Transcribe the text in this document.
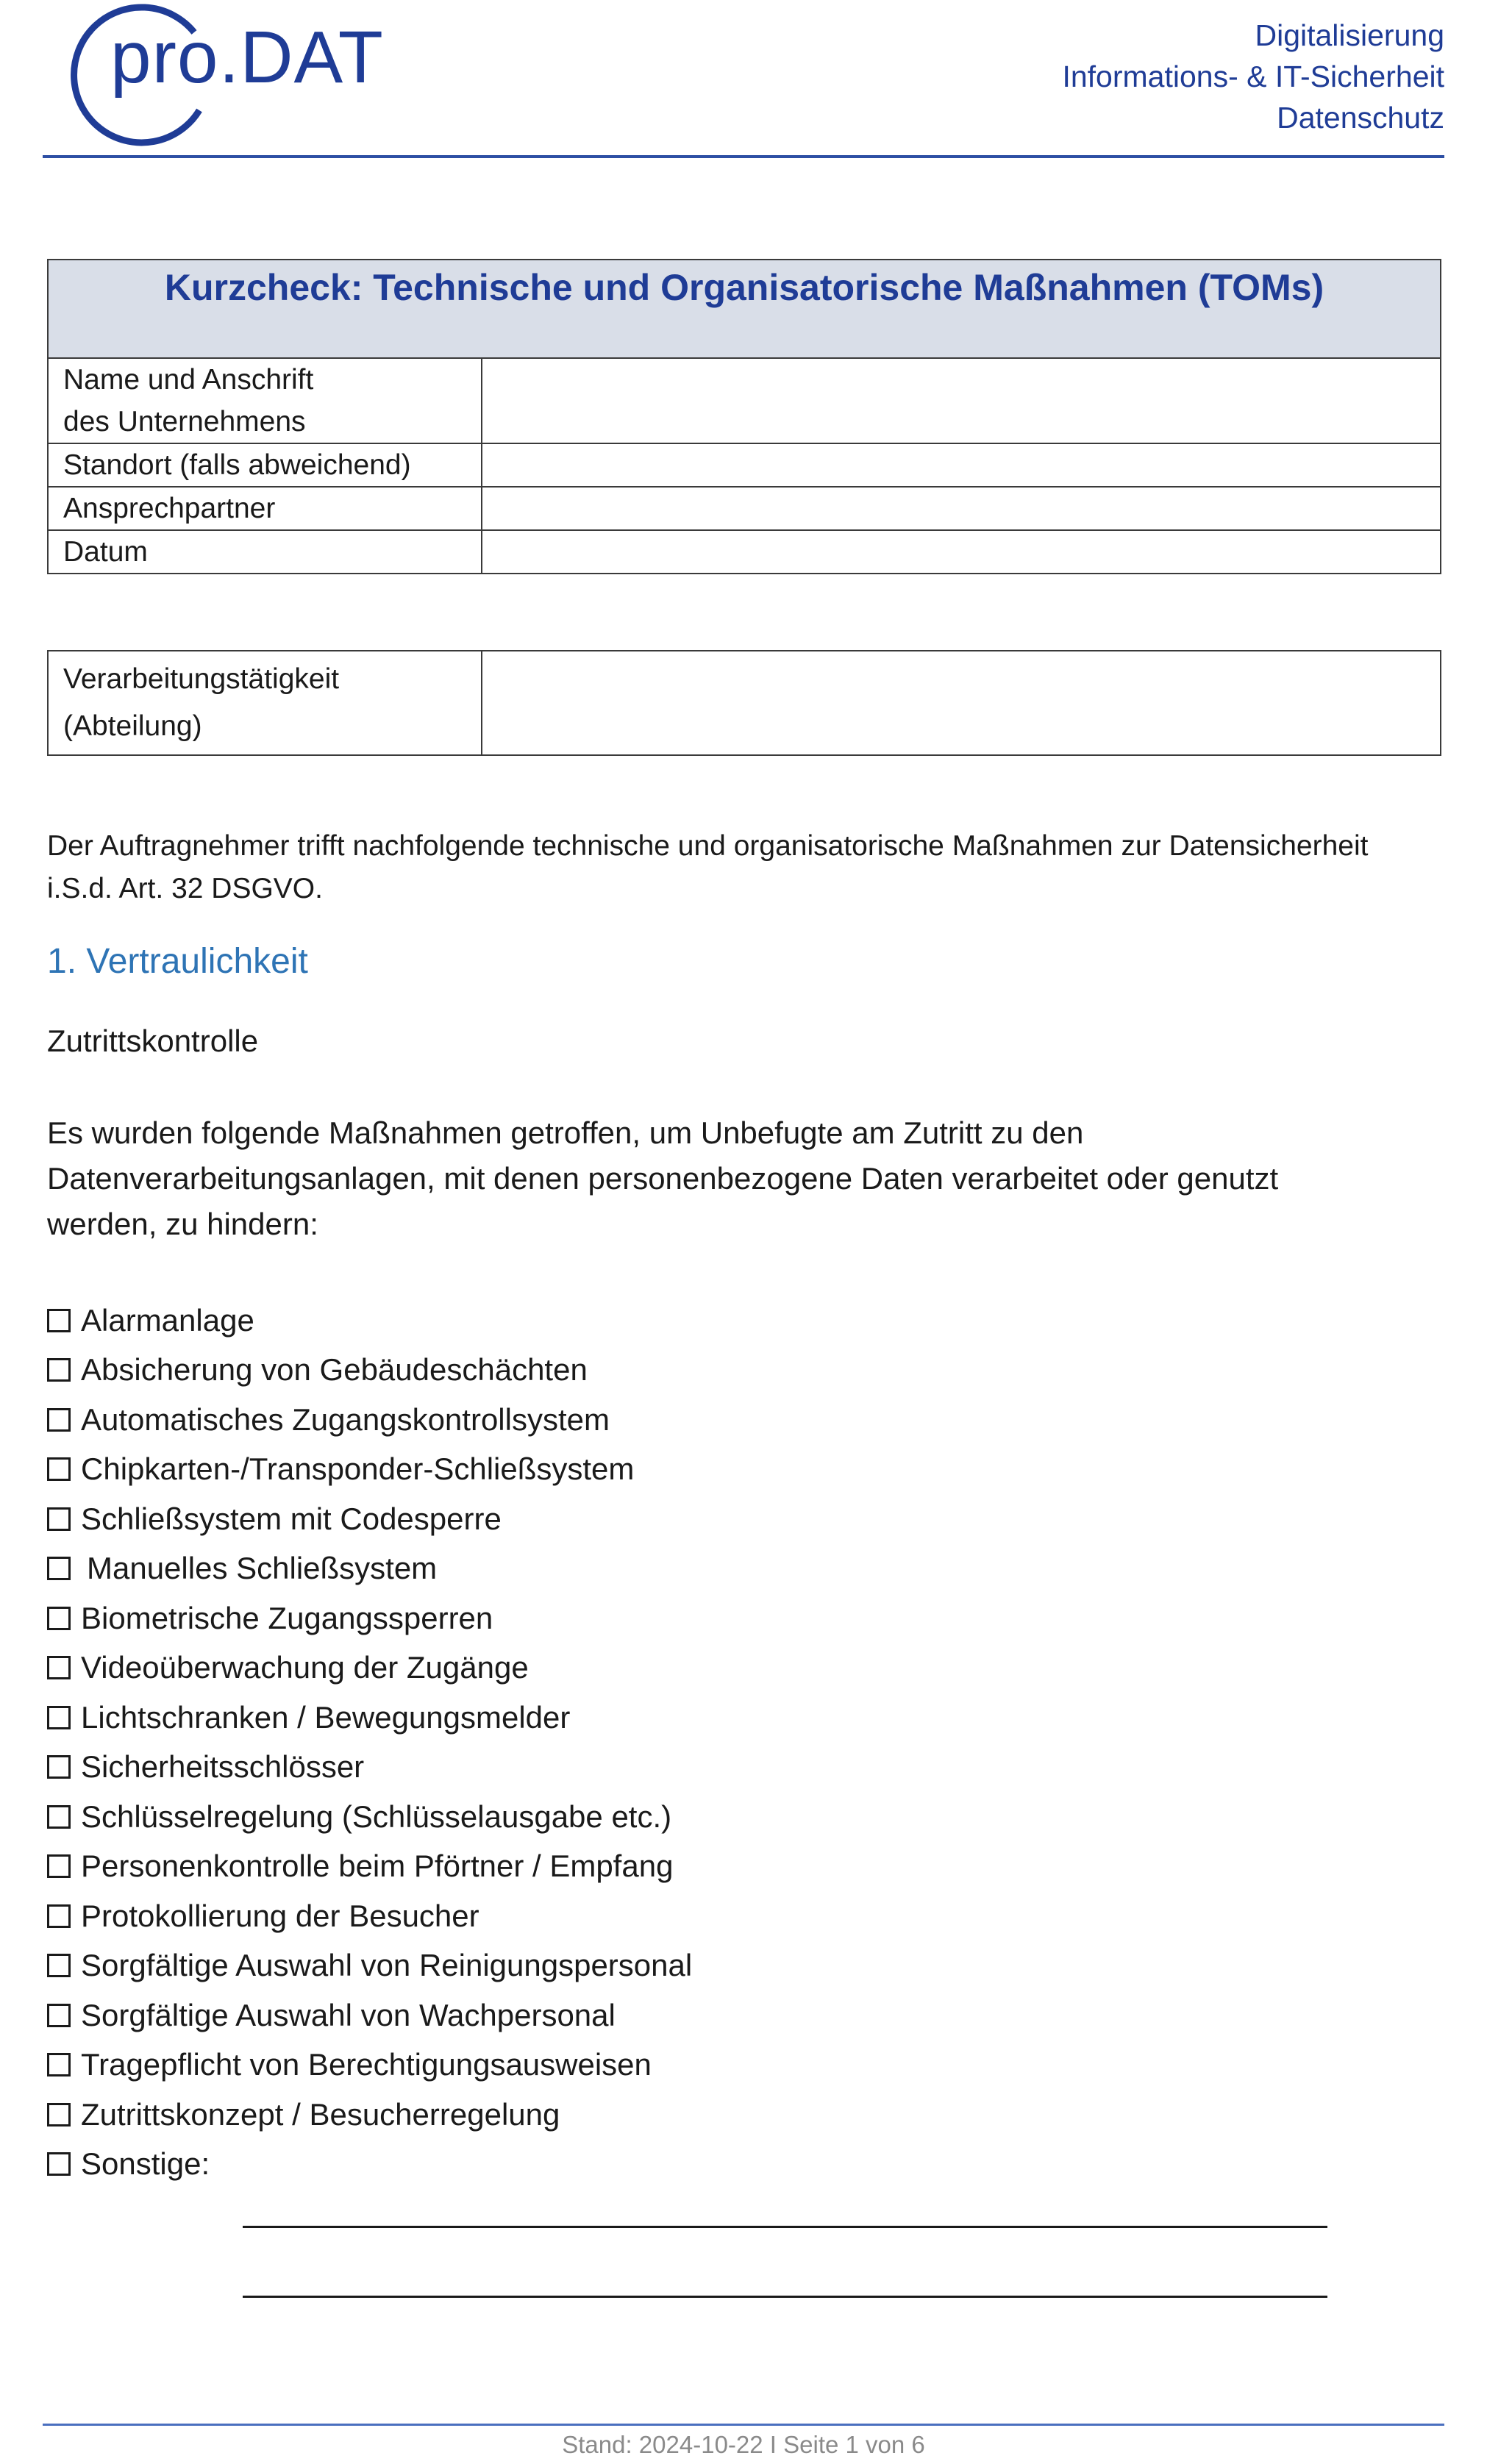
pro.DAT	Digitalisierung
Informations- & IT-Sicherheit
Datenschutz
Kurzcheck: Technische und Organisatorische Maßnahmen (TOMs)	

Name und Anschrift
des Unternehmens	

Standort (falls abweichend)	
Ansprechpartner	
Datum	
Verarbeitungstätigkeit
(Abteilung)

Der Auftragnehmer trifft nachfolgende technische und organisatorische Maßnahmen zur Datensicherheit i.S.d. Art. 32 DSGVO.
1. Vertraulichkeit
Zutrittskontrolle
Es wurden folgende Maßnahmen getroffen, um Unbefugte am Zutritt zu den Datenverarbeitungsanlagen, mit denen personenbezogene Daten verarbeitet oder genutzt werden, zu hindern:
Alarmanlage
Absicherung von Gebäudeschächten
Automatisches Zugangskontrollsystem
Chipkarten-/Transponder-Schließsystem
Schließsystem mit Codesperre
Manuelles Schließsystem
Biometrische Zugangssperren
Videoüberwachung der Zugänge
Lichtschranken / Bewegungsmelder
Sicherheitsschlösser
Schlüsselregelung (Schlüsselausgabe etc.)
Personenkontrolle beim Pförtner / Empfang
Protokollierung der Besucher
Sorgfältige Auswahl von Reinigungspersonal
Sorgfältige Auswahl von Wachpersonal
Tragepflicht von Berechtigungsausweisen
Zutrittskonzept / Besucherregelung
Sonstige:
Stand: 2024-10-22 I Seite 1 von 6
